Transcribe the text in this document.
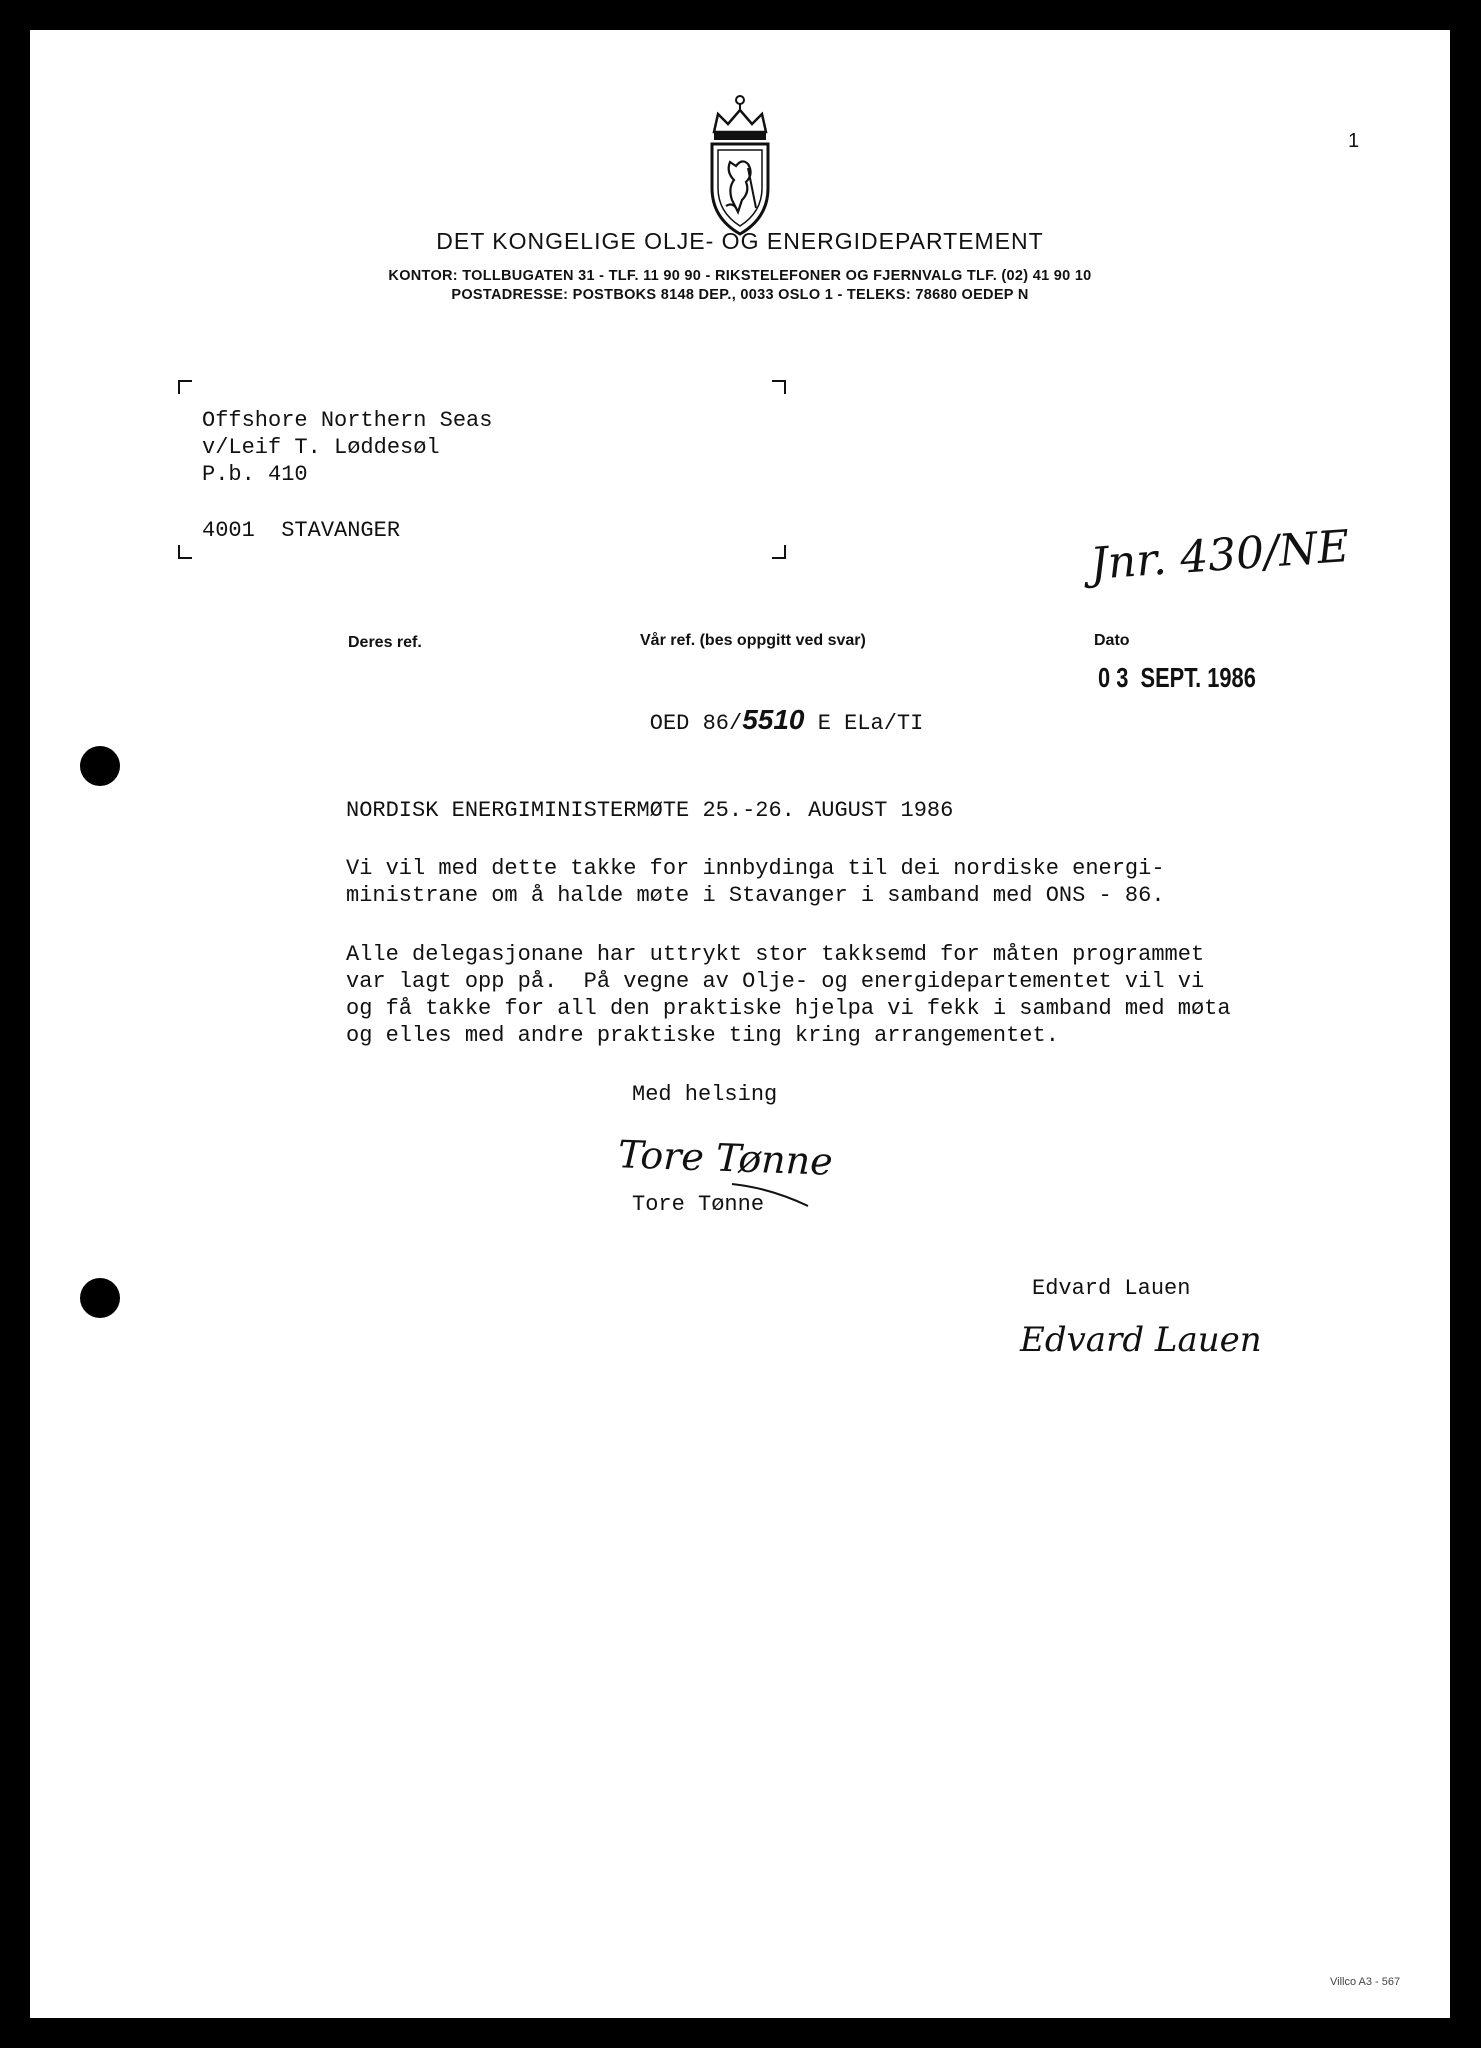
1
DET KONGELIGE OLJE- OG ENERGIDEPARTEMENT
KONTOR: TOLLBUGATEN 31 - TLF. 11 90 90 - RIKSTELEFONER OG FJERNVALG TLF. (02) 41 90 10
POSTADRESSE: POSTBOKS 8148 DEP., 0033 OSLO 1 - TELEKS: 78680 OEDEP N
Offshore Northern Seas
v/Leif T. Løddesøl
P.b. 410
4001  STAVANGER	Jnr. 430/NE
Deres ref.	Vår ref. (bes oppgitt ved svar)	Dato

OED 86/5510 E ELa/TI

0 3  SEPT. 1986
NORDISK ENERGIMINISTERMØTE 25.-26. AUGUST 1986
Vi vil med dette takke for innbydinga til dei nordiske energi-
ministrane om å halde møte i Stavanger i samband med ONS - 86.
Alle delegasjonane har uttrykt stor takksemd for måten programmet
var lagt opp på.  På vegne av Olje- og energidepartementet vil vi
og få takke for all den praktiske hjelpa vi fekk i samband med møta
og elles med andre praktiske ting kring arrangementet.
Med helsing
Tore Tønne
Tore Tønne
Edvard Lauen
Edvard Lauen
Villco A3 - 567
